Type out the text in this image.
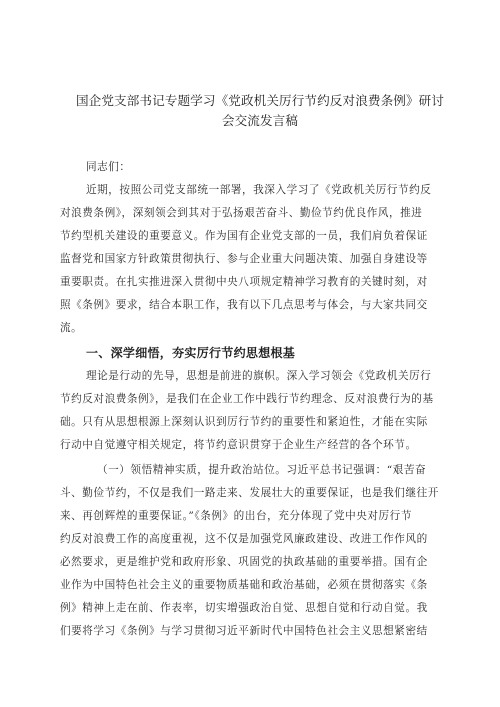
国企党支部书记专题学习《党政机关厉行节约反对浪费条例》研讨
会交流发言稿
同志们：
近期，按照公司党支部统一部署，我深入学习了《党政机关厉行节约反
对浪费条例》，深刻领会到其对于弘扬艰苦奋斗、勤俭节约优良作风，推进
节约型机关建设的重要意义。作为国有企业党支部的一员，我们肩负着保证
监督党和国家方针政策贯彻执行、参与企业重大问题决策、加强自身建设等
重要职责。在扎实推进深入贯彻中央八项规定精神学习教育的关键时刻，对
照《条例》要求，结合本职工作，我有以下几点思考与体会，与大家共同交
流。
一、深学细悟，夯实厉行节约思想根基
理论是行动的先导，思想是前进的旗帜。深入学习领会《党政机关厉行
节约反对浪费条例》，是我们在企业工作中践行节约理念、反对浪费行为的基
础。只有从思想根源上深刻认识到厉行节约的重要性和紧迫性，才能在实际
行动中自觉遵守相关规定，将节约意识贯穿于企业生产经营的各个环节。
（一）领悟精神实质，提升政治站位。习近平总书记强调：“艰苦奋
斗、勤俭节约，不仅是我们一路走来、发展壮大的重要保证，也是我们继往开
来、再创辉煌的重要保证。”《条例》的出台，充分体现了党中央对厉行节
约反对浪费工作的高度重视，这不仅是加强党风廉政建设、改进工作作风的
必然要求，更是维护党和政府形象、巩固党的执政基础的重要举措。国有企
业作为中国特色社会主义的重要物质基础和政治基础，必须在贯彻落实《条
例》精神上走在前、作表率，切实增强政治自觉、思想自觉和行动自觉。我
们要将学习《条例》与学习贯彻习近平新时代中国特色社会主义思想紧密结
